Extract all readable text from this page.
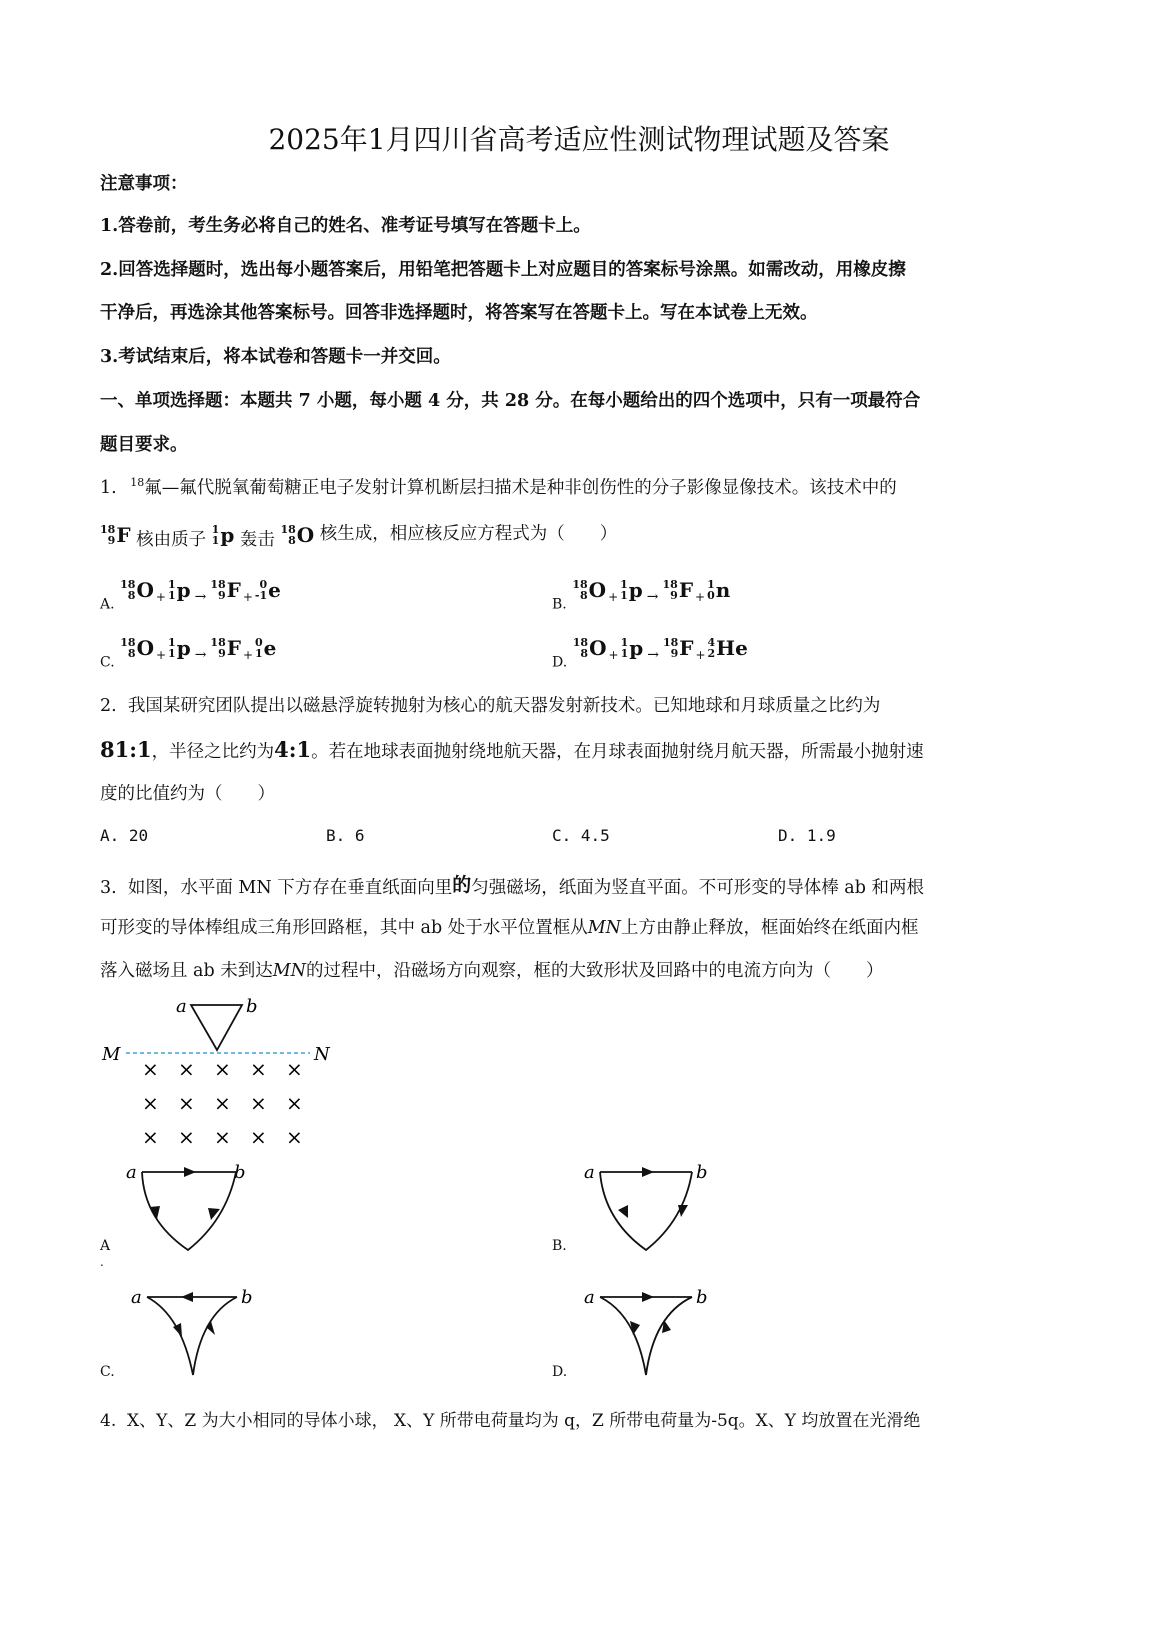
2025年1月四川省高考适应性测试物理试题及答案
注意事项：
1.答卷前，考生务必将自己的姓名、准考证号填写在答题卡上。
2.回答选择题时，选出每小题答案后，用铅笔把答题卡上对应题目的答案标号涂黑。如需改动，用橡皮擦
干净后，再选涂其他答案标号。回答非选择题时，将答案写在答题卡上。写在本试卷上无效。
3.考试结束后，将本试卷和答题卡一并交回。
一、单项选择题：本题共 7 小题，每小题 4 分，共 28 分。在每小题给出的四个选项中，只有一项最符合
题目要求。
1. $^{18}$氟—氟代脱氧葡萄糖正电子发射计算机断层扫描术是种非创伤性的分子影像显像技术。该技术中的
18
9F 核由质子 1
1p 轰击 18
8O 核生成，相应核反应方程式为（　　）
$_{A.}$ 18
8O $_+$1
1p $_\to$18
9F $_+$0
-1e
$_{B.}$ 18
8O $_+$1
1p $_\to$18
9F $_+$1
0n
$_{C.}$ 18
8O $_+$1
1p $_\to$18
9F $_+$0
1e
$_{D.}$ 18
8O $_+$1
1p $_\to$18
9F $_+$4
2He
2. 我国某研究团队提出以磁悬浮旋转抛射为核心的航天器发射新技术。已知地球和月球质量之比约为
81:1，半径之比约为4:1。若在地球表面抛射绕地航天器，在月球表面抛射绕月航天器，所需最小抛射速
度的比值约为（　　）
A. 20	B. 6	C. 4.5	D. 1.9
3. 如图，水平面 MN 下方存在垂直纸面向里的匀强磁场，纸面为竖直平面。不可形变的导体棒 ab 和两根
可形变的导体棒组成三角形回路框，其中 ab 处于水平位置框从MN上方由静止释放，框面始终在纸面内框
落入磁场且 ab 未到达MN的过程中，沿磁场方向观察，框的大致形状及回路中的电流方向为（　　）
a	b
M	N
× × × × ×
× × × × ×
× × × × ×
a	b
A
.
a	b
B.
a	b
C.
a	b
D.
4. X、Y、Z 为大小相同的导体小球， X、Y 所带电荷量均为 q，Z 所带电荷量为-5q。X、Y 均放置在光滑绝
